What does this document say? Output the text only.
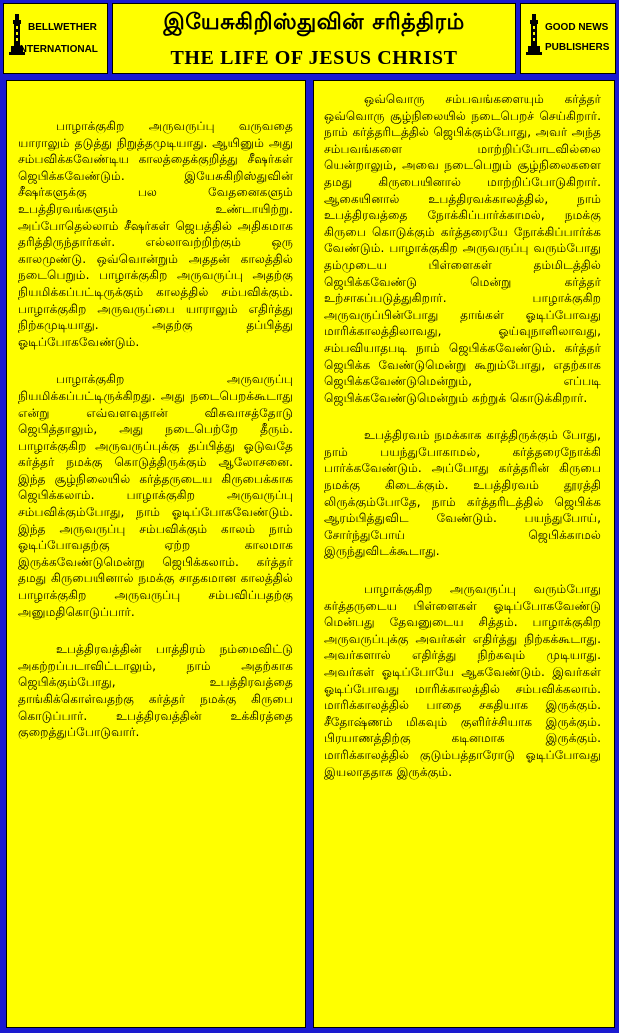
BELLWETHER
INTERNATIONAL
இயேசுகிறிஸ்துவின் சரித்திரம்
THE LIFE OF JESUS CHRIST
GOOD NEWS
PUBLISHERS

பாழாக்குகிற அருவருப்பு வருவதை யாராலும் தடுத்து நிறுத்தமுடியாது. ஆயினும் அது சம்பவிக்கவேண்டிய காலத்தைக்குறித்து சீஷர்கள் ஜெபிக்கவேண்டும். இயேசுகிறிஸ்துவின் சீஷர்களுக்கு பல வேதனைகளும் உபத்திரவங்களும் உண்டாயிற்று. அப்போதெல்லாம் சீஷர்கள் ஜெபத்தில் அதிகமாக தரித்திருந்தார்கள். எல்லாவற்றிற்கும் ஒரு காலமுண்டு. ஒவ்வொன்றும் அததன் காலத்தில் நடைபெறும். பாழாக்குகிற அருவருப்பு அதற்கு நியமிக்கப்பட்டிருக்கும் காலத்தில் சம்பவிக்கும். பாழாக்குகிற அருவருப்பை யாராலும் எதிர்த்து நிற்கமுடியாது. அதற்கு தப்பித்து ஓடிப்போகவேண்டும்.

பாழாக்குகிற அருவருப்பு நியமிக்கப்பட்டிருக்கிறது. அது நடைபெறக்கூடாது என்று எவ்வளவுதான் விசுவாசத்தோடு ஜெபித்தாலும், அது நடைபெற்றே தீரும். பாழாக்குகிற அருவருப்புக்கு தப்பித்து ஓடுவதே கர்த்தர் நமக்கு கொடுத்திருக்கும் ஆலோசனை. இந்த சூழ்நிலையில் கர்த்தருடைய கிருபைக்காக ஜெபிக்கலாம். பாழாக்குகிற அருவருப்பு சம்பவிக்கும்போது, நாம் ஓடிப்போகவேண்டும். இந்த அருவருப்பு சம்பவிக்கும் காலம் நாம் ஓடிப்போவதற்கு ஏற்ற காலமாக இருக்கவேண்டுமென்று ஜெபிக்கலாம். கர்த்தர் தமது கிருபையினால் நமக்கு சாதகமான காலத்தில் பாழாக்குகிற அருவருப்பு சம்பவிப்பதற்கு அனுமதிகொடுப்பார்.

உபத்திரவத்தின் பாத்திரம் நம்மைவிட்டு அகற்றப்படாவிட்டாலும், நாம் அதற்காக ஜெபிக்கும்போது, உபத்திரவத்தை தாங்கிக்கொள்வதற்கு கர்த்தர் நமக்கு கிருபை கொடுப்பார். உபத்திரவத்தின் உக்கிரத்தை குறைத்துப்போடுவார்.

ஒவ்வொரு சம்பவங்களையும் கர்த்தர் ஒவ்வொரு சூழ்நிலையில் நடைபெறச் செய்கிறார். நாம் கர்த்தரிடத்தில் ஜெபிக்கும்போது, அவர் அந்த சம்பவங்களை மாற்றிப்போடவில்லை யென்றாலும், அவை நடைபெறும் சூழ்நிலைகளை தமது கிருபையினால் மாற்றிப்போடுகிறார். ஆகையினால் உபத்திரவக்காலத்தில், நாம் உபத்திரவத்தை நோக்கிப்பார்க்காமல், நமக்கு கிருபை கொடுக்கும் கர்த்தரையே நோக்கிப்பார்க்க வேண்டும். பாழாக்குகிற அருவருப்பு வரும்போது தம்முடைய பிள்ளைகள் தம்மிடத்தில் ஜெபிக்கவேண்டு மென்று கர்த்தர் உற்சாகப்படுத்துகிறார். பாழாக்குகிற அருவருப்பின்போது தாங்கள் ஓடிப்போவது மாரிக்காலத்திலாவது, ஓய்வுநாளிலாவது, சம்பவியாதபடி நாம் ஜெபிக்கவேண்டும். கர்த்தர் ஜெபிக்க வேண்டுமென்று கூறும்போது, எதற்காக ஜெபிக்கவேண்டுமென்றும், எப்படி ஜெபிக்கவேண்டுமென்றும் கற்றுக் கொடுக்கிறார்.

உபத்திரவம் நமக்காக காத்திருக்கும் போது, நாம் பயந்துபோகாமல், கர்த்தரைநோக்கி பார்க்கவேண்டும். அப்போது கர்த்தரின் கிருபை நமக்கு கிடைக்கும். உபத்திரவம் தூரத்தி லிருக்கும்போதே, நாம் கர்த்தரிடத்தில் ஜெபிக்க ஆரம்பித்துவிட வேண்டும். பயந்துபோய், சோர்ந்துபோய் ஜெபிக்காமல் இருந்துவிடக்கூடாது.

பாழாக்குகிற அருவருப்பு வரும்போது கர்த்தருடைய பிள்ளைகள் ஓடிப்போகவேண்டு மென்பது தேவனுடைய சித்தம். பாழாக்குகிற அருவருப்புக்கு அவர்கள் எதிர்த்து நிற்கக்கூடாது. அவர்களால் எதிர்த்து நிற்கவும் முடியாது. அவர்கள் ஓடிப்போயே ஆகவேண்டும். இவர்கள் ஓடிப்போவது மாரிக்காலத்தில் சம்பவிக்கலாம். மாரிக்காலத்தில் பாதை சகதியாக இருக்கும். சீதோஷ்ணம் மிகவும் குளிர்ச்சியாக இருக்கும். பிரயாணத்திற்கு கடினமாக இருக்கும். மாரிக்காலத்தில் குடும்பத்தாரோடு ஓடிப்போவது இயலாததாக இருக்கும்.
